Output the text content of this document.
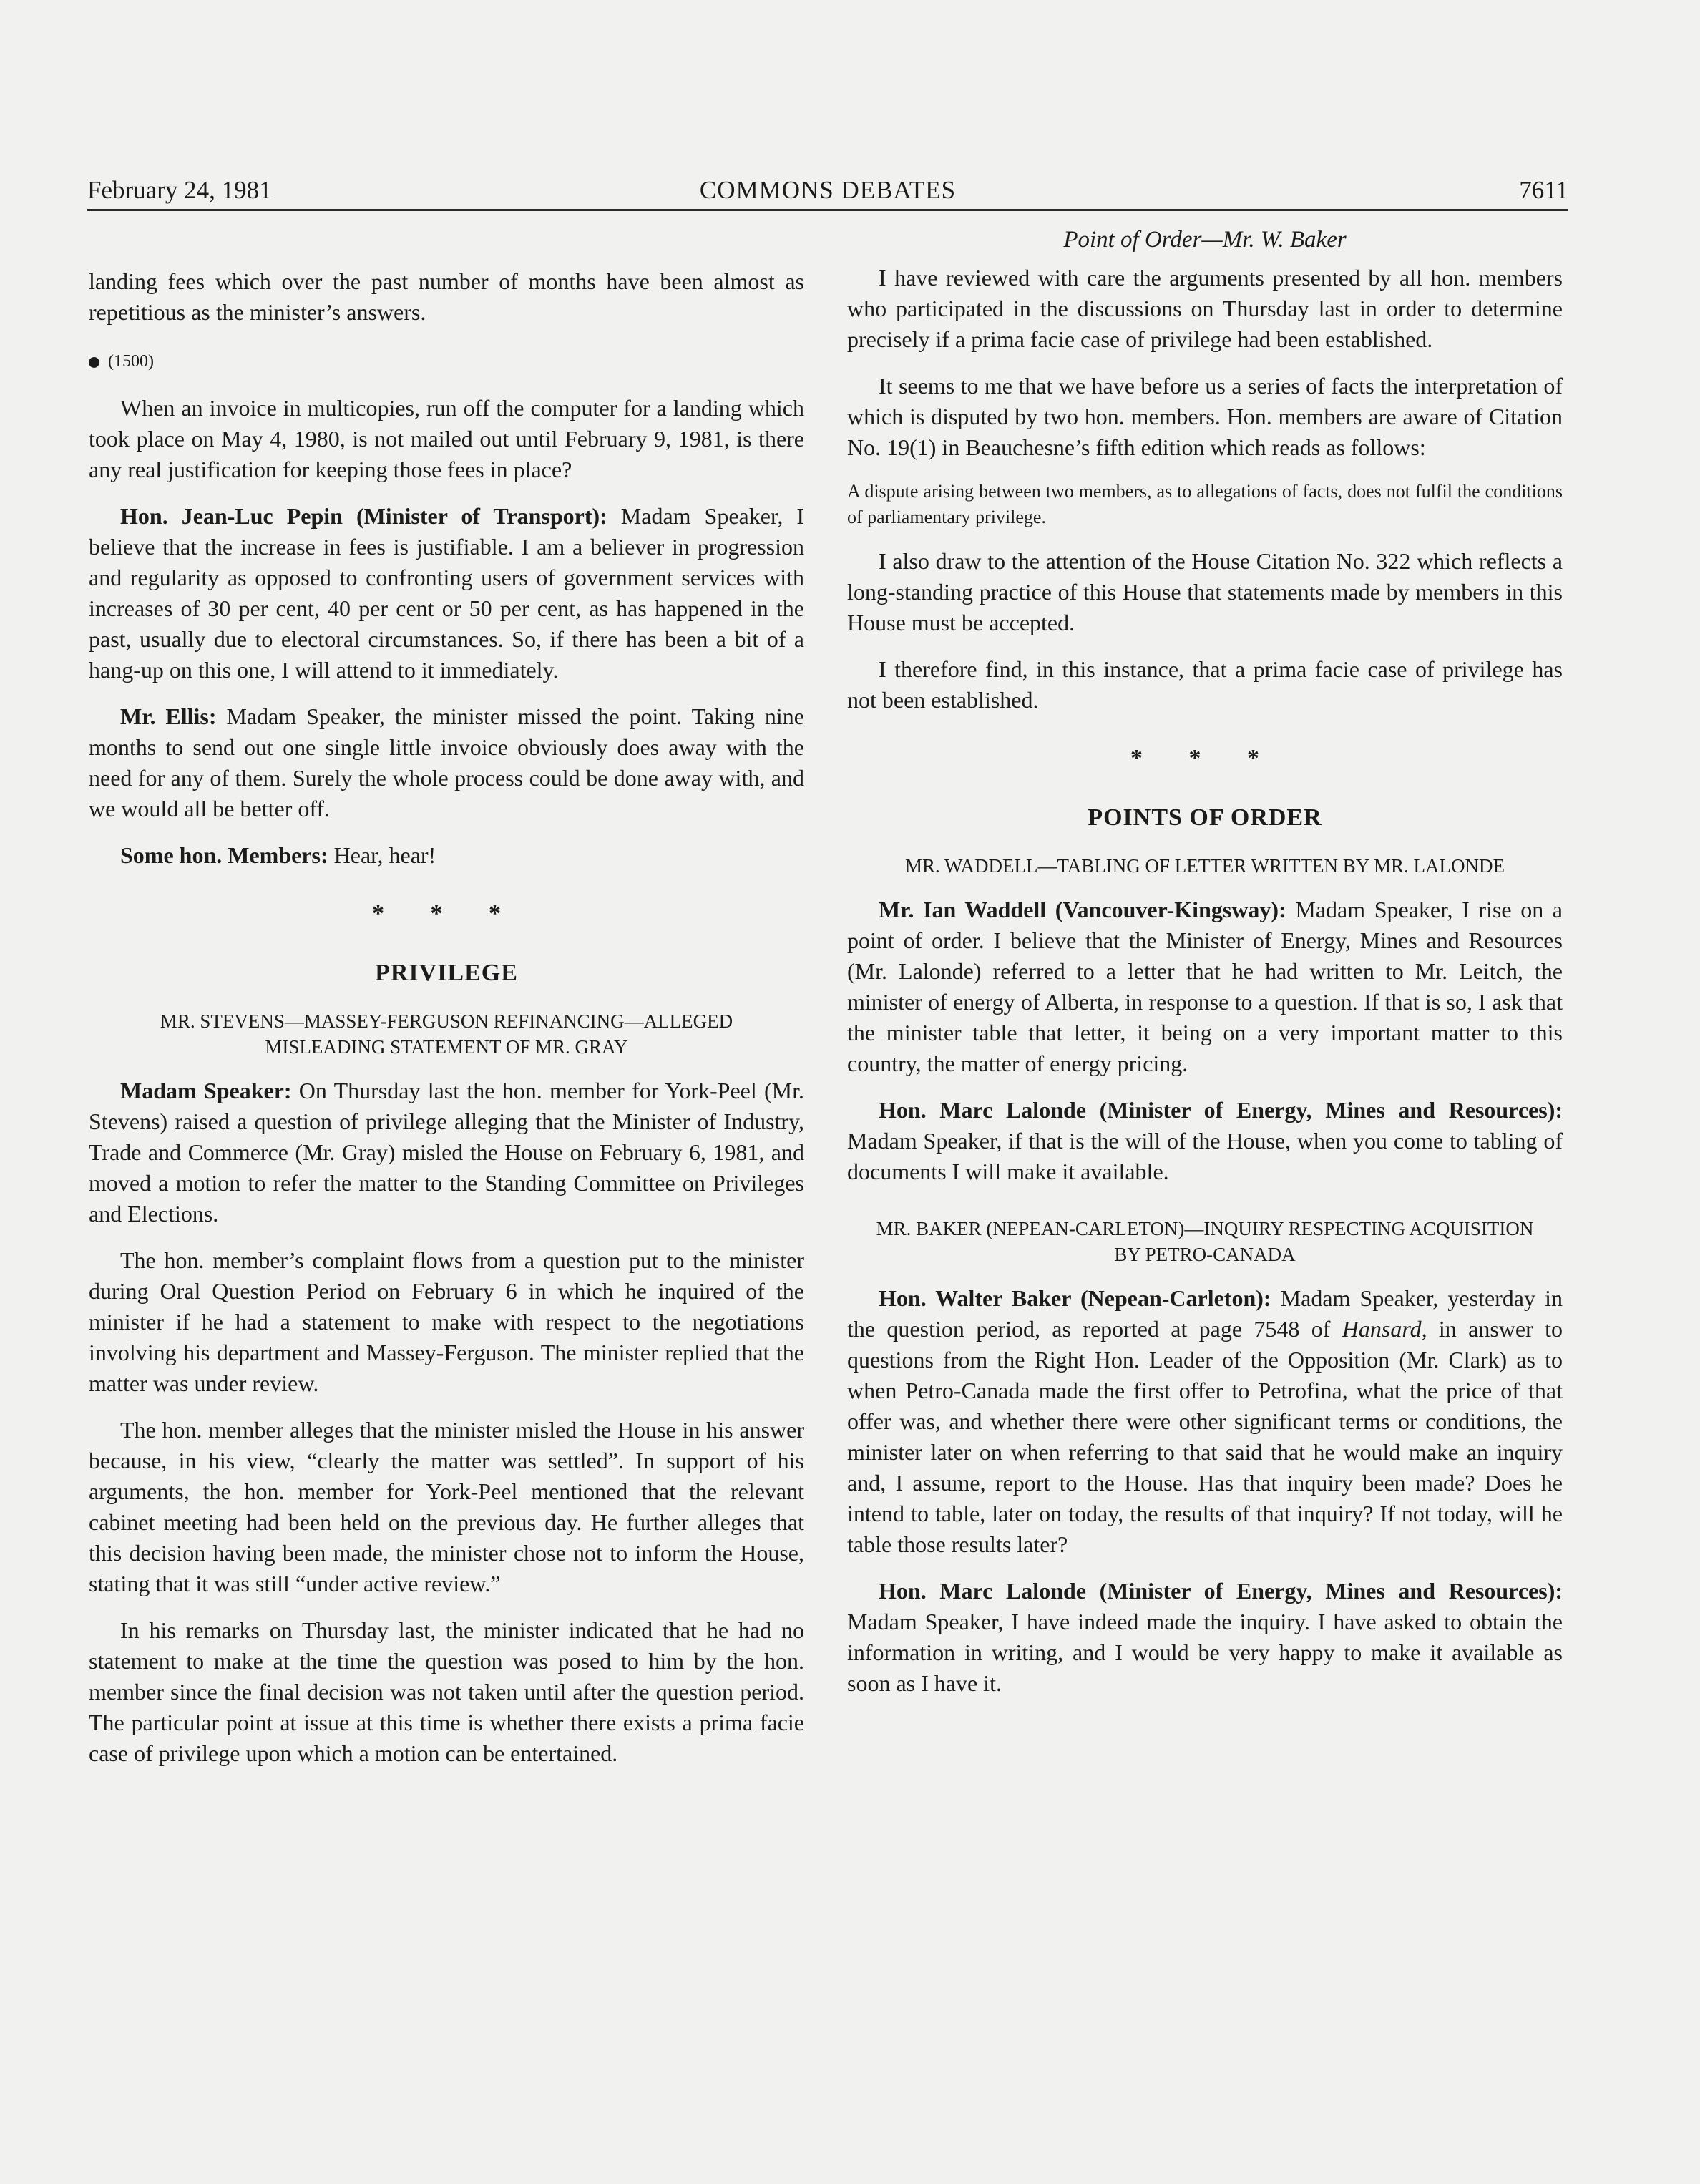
February 24, 1981	COMMONS DEBATES	7611

landing fees which over the past number of months have been almost as repetitious as the minister’s answers.

(1500)

When an invoice in multicopies, run off the computer for a landing which took place on May 4, 1980, is not mailed out until February 9, 1981, is there any real justification for keeping those fees in place?

Hon. Jean-Luc Pepin (Minister of Transport): Madam Speaker, I believe that the increase in fees is justifiable. I am a believer in progression and regularity as opposed to confronting users of government services with increases of 30 per cent, 40 per cent or 50 per cent, as has happened in the past, usually due to electoral circumstances. So, if there has been a bit of a hang-up on this one, I will attend to it immediately.

Mr. Ellis: Madam Speaker, the minister missed the point. Taking nine months to send out one single little invoice obviously does away with the need for any of them. Surely the whole process could be done away with, and we would all be better off.

Some hon. Members: Hear, hear!

* * *
PRIVILEGE
MR. STEVENS—MASSEY-FERGUSON REFINANCING—ALLEGED MISLEADING STATEMENT OF MR. GRAY

Madam Speaker: On Thursday last the hon. member for York-Peel (Mr. Stevens) raised a question of privilege alleging that the Minister of Industry, Trade and Commerce (Mr. Gray) misled the House on February 6, 1981, and moved a motion to refer the matter to the Standing Committee on Privileges and Elections.

The hon. member’s complaint flows from a question put to the minister during Oral Question Period on February 6 in which he inquired of the minister if he had a statement to make with respect to the negotiations involving his department and Massey-Ferguson. The minister replied that the matter was under review.

The hon. member alleges that the minister misled the House in his answer because, in his view, “clearly the matter was settled”. In support of his arguments, the hon. member for York-Peel mentioned that the relevant cabinet meeting had been held on the previous day. He further alleges that this decision having been made, the minister chose not to inform the House, stating that it was still “under active review.”

In his remarks on Thursday last, the minister indicated that he had no statement to make at the time the question was posed to him by the hon. member since the final decision was not taken until after the question period. The particular point at issue at this time is whether there exists a prima facie case of privilege upon which a motion can be entertained.

Point of Order—Mr. W. Baker

I have reviewed with care the arguments presented by all hon. members who participated in the discussions on Thursday last in order to determine precisely if a prima facie case of privilege had been established.

It seems to me that we have before us a series of facts the interpretation of which is disputed by two hon. members. Hon. members are aware of Citation No. 19(1) in Beauchesne’s fifth edition which reads as follows:

A dispute arising between two members, as to allegations of facts, does not fulfil the conditions of parliamentary privilege.

I also draw to the attention of the House Citation No. 322 which reflects a long-standing practice of this House that statements made by members in this House must be accepted.

I therefore find, in this instance, that a prima facie case of privilege has not been established.

* * *
POINTS OF ORDER
MR. WADDELL—TABLING OF LETTER WRITTEN BY MR. LALONDE

Mr. Ian Waddell (Vancouver-Kingsway): Madam Speaker, I rise on a point of order. I believe that the Minister of Energy, Mines and Resources (Mr. Lalonde) referred to a letter that he had written to Mr. Leitch, the minister of energy of Alberta, in response to a question. If that is so, I ask that the minister table that letter, it being on a very important matter to this country, the matter of energy pricing.

Hon. Marc Lalonde (Minister of Energy, Mines and Resources): Madam Speaker, if that is the will of the House, when you come to tabling of documents I will make it available.

MR. BAKER (NEPEAN-CARLETON)—INQUIRY RESPECTING ACQUISITION BY PETRO-CANADA

Hon. Walter Baker (Nepean-Carleton): Madam Speaker, yesterday in the question period, as reported at page 7548 of Hansard, in answer to questions from the Right Hon. Leader of the Opposition (Mr. Clark) as to when Petro-Canada made the first offer to Petrofina, what the price of that offer was, and whether there were other significant terms or conditions, the minister later on when referring to that said that he would make an inquiry and, I assume, report to the House. Has that inquiry been made? Does he intend to table, later on today, the results of that inquiry? If not today, will he table those results later?

Hon. Marc Lalonde (Minister of Energy, Mines and Resources): Madam Speaker, I have indeed made the inquiry. I have asked to obtain the information in writing, and I would be very happy to make it available as soon as I have it.
